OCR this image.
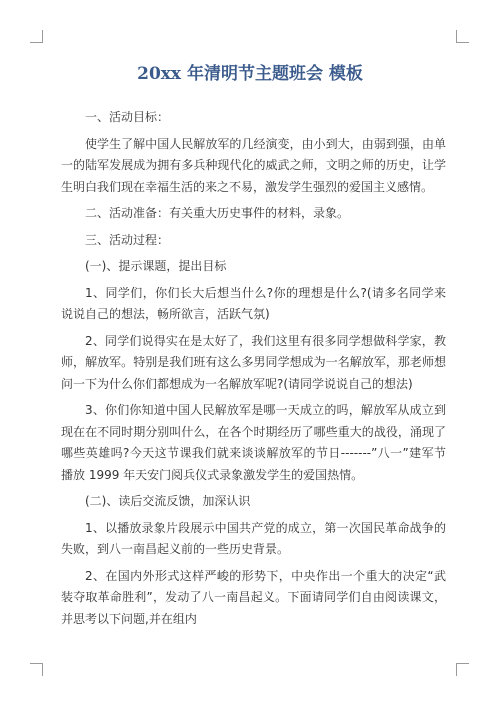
20xx 年清明节主题班会 模板

一、活动目标：

使学生了解中国人民解放军的几经演变，由小到大，由弱到强，由单一的陆军发展成为拥有多兵种现代化的威武之师，文明之师的历史，让学生明白我们现在幸福生活的来之不易，激发学生强烈的爱国主义感情。

二、活动准备：有关重大历史事件的材料，录象。

三、活动过程：

(一)、提示课题，提出目标

1、同学们，你们长大后想当什么?你的理想是什么?(请多名同学来说说自己的想法，畅所欲言，活跃气氛)

2、同学们说得实在是太好了，我们这里有很多同学想做科学家，教师，解放军。特别是我们班有这么多男同学想成为一名解放军，那老师想问一下为什么你们都想成为一名解放军呢?(请同学说说自己的想法)

3、你们你知道中国人民解放军是哪一天成立的吗，解放军从成立到现在在不同时期分别叫什么，在各个时期经历了哪些重大的战役，涌现了哪些英雄吗?今天这节课我们就来谈谈解放军的节日-------”八一”建军节播放 1999 年天安门阅兵仪式录象激发学生的爱国热情。

(二)、读后交流反馈，加深认识

1、以播放录象片段展示中国共产党的成立，第一次国民革命战争的失败，到八一南昌起义前的一些历史背景。

2、在国内外形式这样严峻的形势下，中央作出一个重大的决定“武装夺取革命胜利”，发动了八一南昌起义。下面请同学们自由阅读课文，并思考以下问题,并在组内
